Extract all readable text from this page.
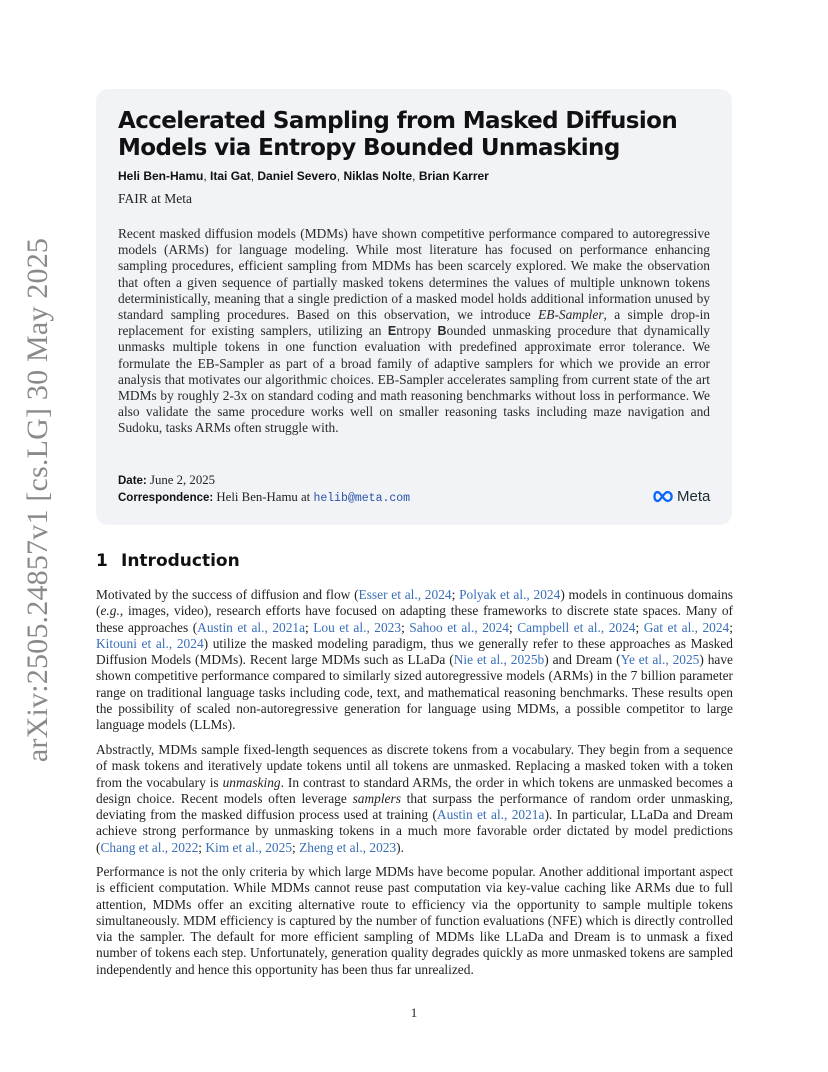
arXiv:2505.24857v1 [cs.LG] 30 May 2025
Accelerated Sampling from Masked Diffusion
Models via Entropy Bounded Unmasking
Heli Ben-Hamu, Itai Gat, Daniel Severo, Niklas Nolte, Brian Karrer
FAIR at Meta

Recent masked diffusion models (MDMs) have shown competitive performance compared to autoregressive models (ARMs) for language modeling. While most literature has focused on performance enhancing sampling procedures, efficient sampling from MDMs has been scarcely explored. We make the observation that often a given sequence of partially masked tokens determines the values of multiple unknown tokens deterministically, meaning that a single prediction of a masked model holds additional information unused by standard sampling procedures. Based on this observation, we introduce EB-Sampler, a simple drop-in replacement for existing samplers, utilizing an Entropy Bounded unmasking procedure that dynamically unmasks multiple tokens in one function evaluation with predefined approximate error tolerance. We formulate the EB-Sampler as part of a broad family of adaptive samplers for which we provide an error analysis that motivates our algorithmic choices. EB-Sampler accelerates sampling from current state of the art MDMs by roughly 2-3x on standard coding and math reasoning benchmarks without loss in performance. We also validate the same procedure works well on smaller reasoning tasks including maze navigation and Sudoku, tasks ARMs often struggle with.

Date: June 2, 2025
Correspondence: Heli Ben-Hamu at helib@meta.com	Meta
1 Introduction

Motivated by the success of diffusion and flow (Esser et al., 2024; Polyak et al., 2024) models in continuous domains (e.g., images, video), research efforts have focused on adapting these frameworks to discrete state spaces. Many of these approaches (Austin et al., 2021a; Lou et al., 2023; Sahoo et al., 2024; Campbell et al., 2024; Gat et al., 2024; Kitouni et al., 2024) utilize the masked modeling paradigm, thus we generally refer to these approaches as Masked Diffusion Models (MDMs). Recent large MDMs such as LLaDa (Nie et al., 2025b) and Dream (Ye et al., 2025) have shown competitive performance compared to similarly sized autoregressive models (ARMs) in the 7 billion parameter range on traditional language tasks including code, text, and mathematical reasoning benchmarks. These results open the possibility of scaled non-autoregressive generation for language using MDMs, a possible competitor to large language models (LLMs).

Abstractly, MDMs sample fixed-length sequences as discrete tokens from a vocabulary. They begin from a sequence of mask tokens and iteratively update tokens until all tokens are unmasked. Replacing a masked token with a token from the vocabulary is unmasking. In contrast to standard ARMs, the order in which tokens are unmasked becomes a design choice. Recent models often leverage samplers that surpass the performance of random order unmasking, deviating from the masked diffusion process used at training (Austin et al., 2021a). In particular, LLaDa and Dream achieve strong performance by unmasking tokens in a much more favorable order dictated by model predictions (Chang et al., 2022; Kim et al., 2025; Zheng et al., 2023).

Performance is not the only criteria by which large MDMs have become popular. Another additional important aspect is efficient computation. While MDMs cannot reuse past computation via key-value caching like ARMs due to full attention, MDMs offer an exciting alternative route to efficiency via the opportunity to sample multiple tokens simultaneously. MDM efficiency is captured by the number of function evaluations (NFE) which is directly controlled via the sampler. The default for more efficient sampling of MDMs like LLaDa and Dream is to unmask a fixed number of tokens each step. Unfortunately, generation quality degrades quickly as more unmasked tokens are sampled independently and hence this opportunity has been thus far unrealized.

1
